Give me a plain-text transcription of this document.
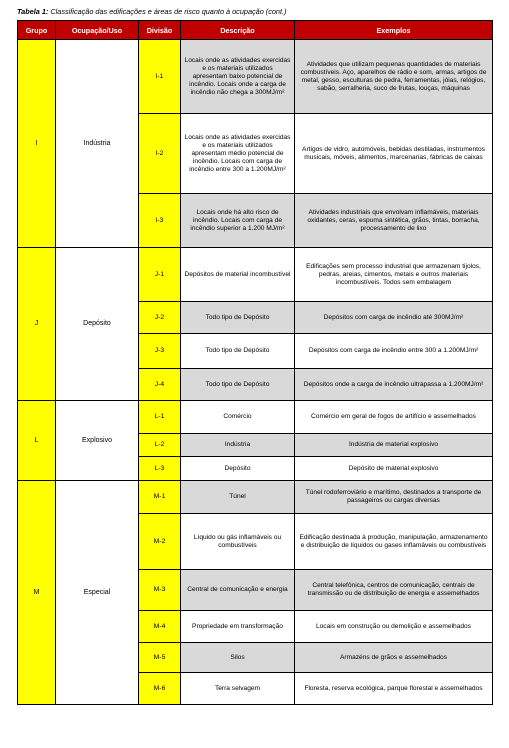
Tabela 1: Classificação das edificações e áreas de risco quanto à ocupação (cont.)
Grupo	Ocupação/Uso	Divisão	Descrição	Exemplos
I	Indústria	I-1	Locais onde as atividades exercidas e os materiais utilizados apresentam baixo potencial de incêndio. Locais onde a carga de incêndio não chega a 300MJ/m²	Atividades que utilizam pequenas quantidades de materiais combustíveis. Aço, aparelhos de rádio e som, armas, artigos de metal, gesso, esculturas de pedra, ferramentas, jóias, relógios, sabão, serralheria, suco de frutas, louças, máquinas
		I-2	Locais onde as atividades exercidas e os materiais utilizados apresentam médio potencial de incêndio. Locais com carga de incêndio entre 300 a 1.200MJ/m²	Artigos de vidro, automóveis, bebidas destiladas, instrumentos musicais, móveis, alimentos, marcenarias, fábricas de caixas
		I-3	Locais onde há alto risco de incêndio. Locais com carga de incêndio superior a 1.200 MJ/m²	Atividades industriais que envolvam inflamáveis, materiais oxidantes, ceras, espuma sintética, grãos, tintas, borracha, processamento de lixo
J	Depósito	J-1	Depósitos de material incombustível	Edificações sem processo industrial que armazenam tijolos, pedras, areias, cimentos, metais e outros materiais incombustíveis. Todos sem embalagem
		J-2	Todo tipo de Depósito	Depósitos com carga de incêndio até 300MJ/m²
		J-3	Todo tipo de Depósito	Depósitos com carga de incêndio entre 300 a 1.200MJ/m²
		J-4	Todo tipo de Depósito	Depósitos onde a carga de incêndio ultrapassa a 1.200MJ/m²
L	Explosivo	L-1	Comércio	Comércio em geral de fogos de artifício e assemelhados
		L-2	Indústria	Indústria de material explosivo
		L-3	Depósito	Depósito de material explosivo
M	Especial	M-1	Túnel	Túnel rodoferroviário e marítimo, destinados a transporte de passageiros ou cargas diversas
		M-2	Líquido ou gás inflamáveis ou combustíveis	Edificação destinada à produção, manipulação, armazenamento e distribuição de líquidos ou gases inflamáveis ou combustíveis
		M-3	Central de comunicação e energia	Central telefônica, centros de comunicação, centrais de transmissão ou de distribuição de energia e assemelhados
		M-4	Propriedade em transformação	Locais em construção ou demolição e assemelhados
		M-5	Silos	Armazéns de grãos e assemelhados
		M-6	Terra selvagem	Floresta, reserva ecológica, parque florestal e assemelhados
